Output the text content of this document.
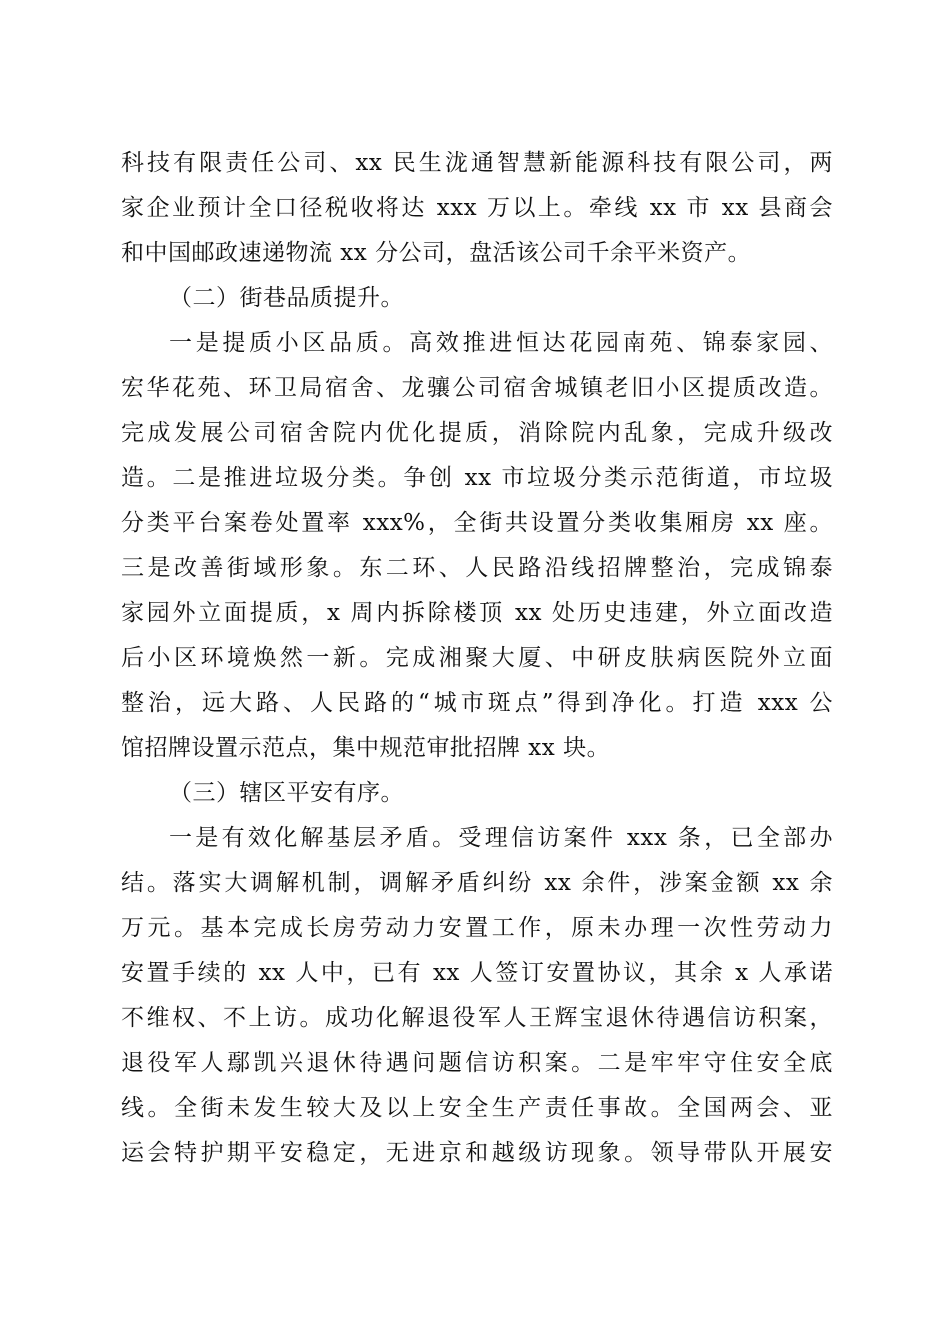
科技有限责任公司、xx 民生泷通智慧新能源科技有限公司，两
家企业预计全口径税收将达 xxx 万以上。牵线 xx 市 xx 县商会
和中国邮政速递物流 xx 分公司，盘活该公司千余平米资产。
（二）街巷品质提升。
一是提质小区品质。高效推进恒达花园南苑、锦泰家园、
宏华花苑、环卫局宿舍、龙骧公司宿舍城镇老旧小区提质改造。
完成发展公司宿舍院内优化提质，消除院内乱象，完成升级改
造。二是推进垃圾分类。争创 xx 市垃圾分类示范街道，市垃圾
分类平台案卷处置率 xxx%，全街共设置分类收集厢房 xx 座。
三是改善街域形象。东二环、人民路沿线招牌整治，完成锦泰
家园外立面提质，x 周内拆除楼顶 xx 处历史违建，外立面改造
后小区环境焕然一新。完成湘聚大厦、中研皮肤病医院外立面
整治，远大路、人民路的“城市斑点”得到净化。打造 xxx 公
馆招牌设置示范点，集中规范审批招牌 xx 块。
（三）辖区平安有序。
一是有效化解基层矛盾。受理信访案件 xxx 条，已全部办
结。落实大调解机制，调解矛盾纠纷 xx 余件，涉案金额 xx 余
万元。基本完成长房劳动力安置工作，原未办理一次性劳动力
安置手续的 xx 人中，已有 xx 人签订安置协议，其余 x 人承诺
不维权、不上访。成功化解退役军人王辉宝退休待遇信访积案，
退役军人鄢凯兴退休待遇问题信访积案。二是牢牢守住安全底
线。全街未发生较大及以上安全生产责任事故。全国两会、亚
运会特护期平安稳定，无进京和越级访现象。领导带队开展安
